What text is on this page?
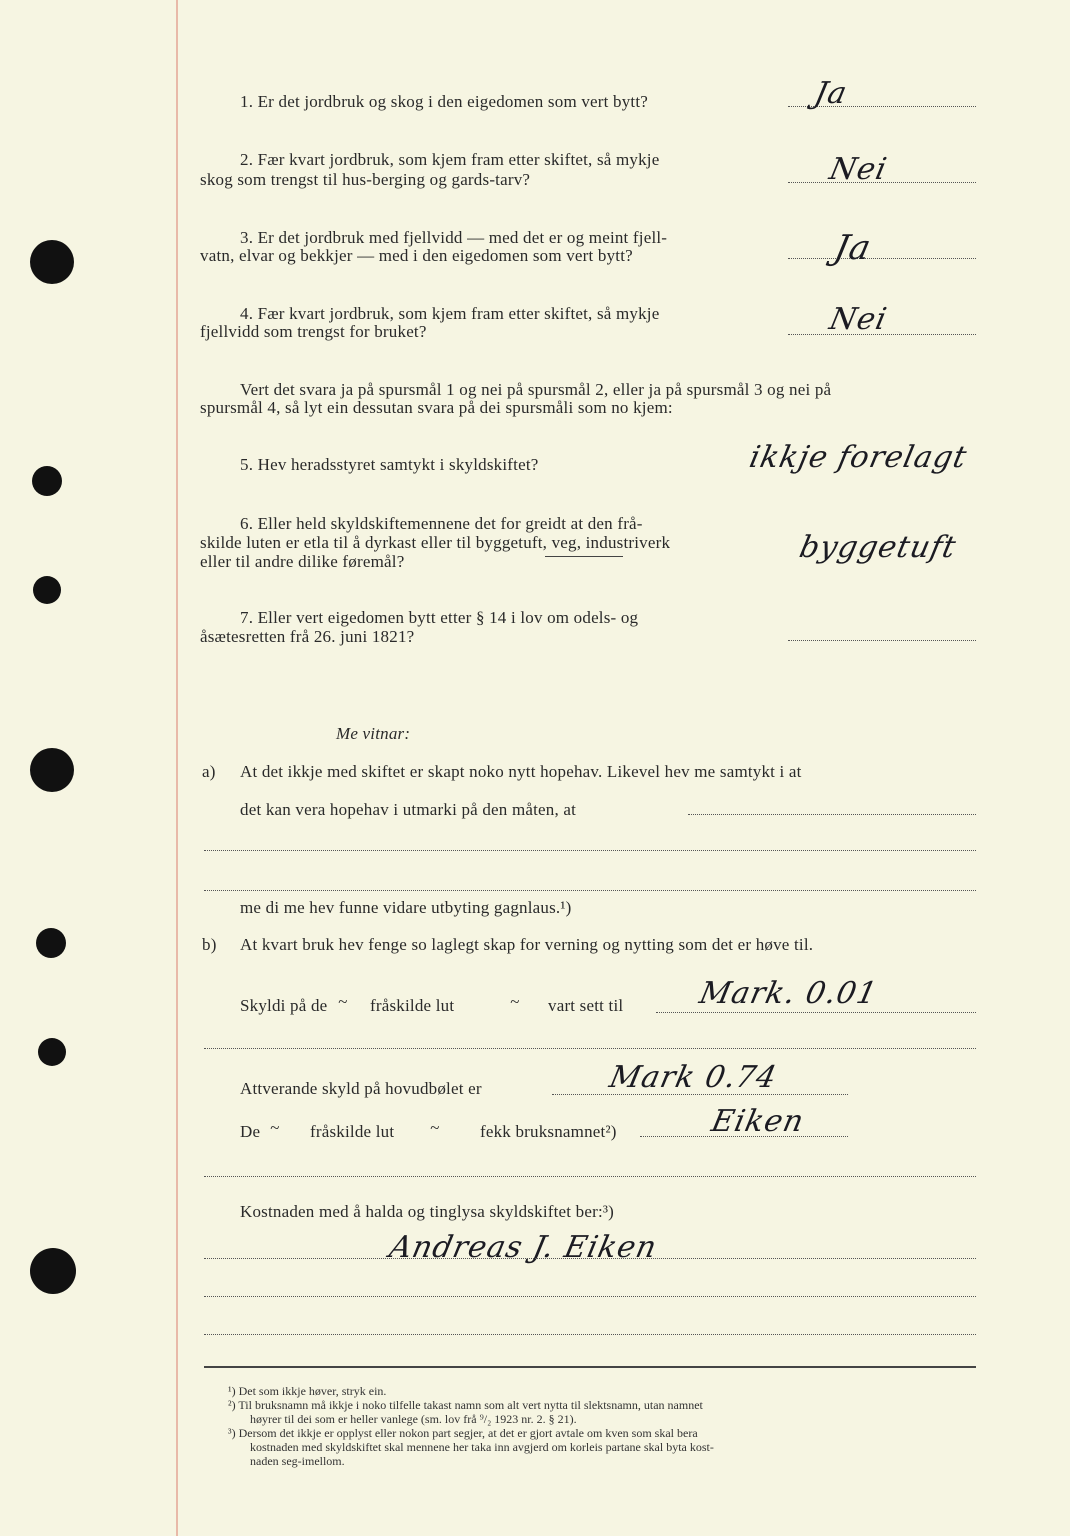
1. Er det jordbruk og skog i den eigedomen som vert bytt?	Ja
2. Fær kvart jordbruk, som kjem fram etter skiftet, så mykje
skog som trengst til hus-berging og gards-tarv?	Nei
3. Er det jordbruk med fjellvidd — med det er og meint fjell-
vatn, elvar og bekkjer — med i den eigedomen som vert bytt?	Ja
4. Fær kvart jordbruk, som kjem fram etter skiftet, så mykje
fjellvidd som trengst for bruket?	Nei
Vert det svara ja på spursmål 1 og nei på spursmål 2, eller ja på spursmål 3 og nei på
spursmål 4, så lyt ein dessutan svara på dei spursmåli som no kjem:
5. Hev heradsstyret samtykt i skyldskiftet?	ikkje forelagt
6. Eller held skyldskiftemennene det for greidt at den frå-
skilde luten er etla til å dyrkast eller til byggetuft, veg, industriverk
eller til andre dilike føremål?	byggetuft
7. Eller vert eigedomen bytt etter § 14 i lov om odels- og
åsætesretten frå 26. juni 1821?
Me vitnar:
a) At det ikkje med skiftet er skapt noko nytt hopehav. Likevel hev me samtykt i at
det kan vera hopehav i utmarki på den måten, at
me di me hev funne vidare utbyting gagnlaus.¹)
b) At kvart bruk hev fenge so laglegt skap for verning og nytting som det er høve til.
Skyldi på de ~ fråskilde lut	~ vart sett til Mark. 0.01
Attverande skyld på hovudbølet er	Mark 0.74
De ~ fråskilde lut ~ fekk bruksnamnet²)	Eiken
Kostnaden med å halda og tinglysa skyldskiftet ber:³)
Andreas J. Eiken
¹) Det som ikkje høver, stryk ein.
²) Til bruksnamn må ikkje i noko tilfelle takast namn som alt vert nytta til slektsnamn, utan namnet
høyrer til dei som er heller vanlege (sm. lov frå ⁹/₂ 1923 nr. 2. § 21).
³) Dersom det ikkje er opplyst eller nokon part segjer, at det er gjort avtale om kven som skal bera
kostnaden med skyldskiftet skal mennene her taka inn avgjerd om korleis partane skal byta kost-
naden seg-imellom.
